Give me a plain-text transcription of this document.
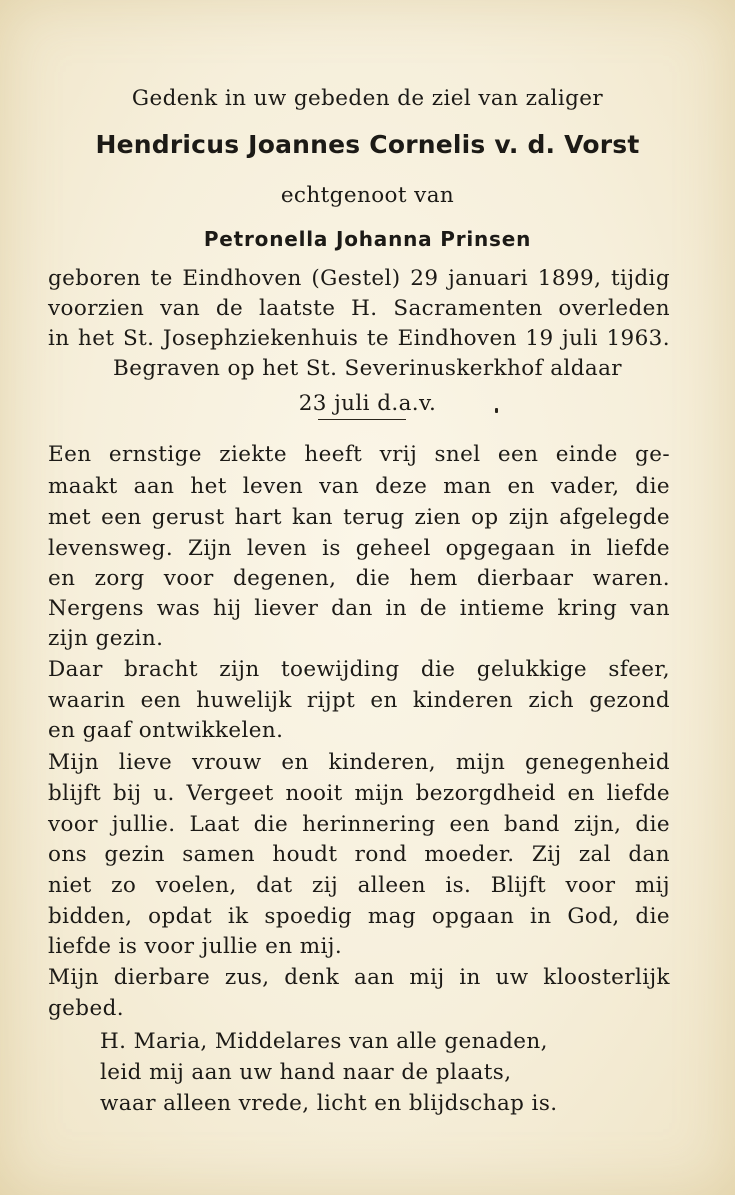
Gedenk in uw gebeden de ziel van zaliger
Hendricus Joannes Cornelis v. d. Vorst
echtgenoot van
Petronella Johanna Prinsen
geboren te Eindhoven (Gestel) 29 januari 1899, tijdig
voorzien van de laatste H. Sacramenten overleden
in het St. Josephziekenhuis te Eindhoven 19 juli 1963.
Begraven op het St. Severinuskerkhof aldaar
23 juli d.a.v.
Een ernstige ziekte heeft vrij snel een einde ge-
maakt aan het leven van deze man en vader, die
met een gerust hart kan terug zien op zijn afgelegde
levensweg. Zijn leven is geheel opgegaan in liefde
en zorg voor degenen, die hem dierbaar waren.
Nergens was hij liever dan in de intieme kring van
zijn gezin.
Daar bracht zijn toewijding die gelukkige sfeer,
waarin een huwelijk rijpt en kinderen zich gezond
en gaaf ontwikkelen.
Mijn lieve vrouw en kinderen, mijn genegenheid
blijft bij u. Vergeet nooit mijn bezorgdheid en liefde
voor jullie. Laat die herinnering een band zijn, die
ons gezin samen houdt rond moeder. Zij zal dan
niet zo voelen, dat zij alleen is. Blijft voor mij
bidden, opdat ik spoedig mag opgaan in God, die
liefde is voor jullie en mij.
Mijn dierbare zus, denk aan mij in uw kloosterlijk
gebed.
H. Maria, Middelares van alle genaden,
leid mij aan uw hand naar de plaats,
waar alleen vrede, licht en blijdschap is.
